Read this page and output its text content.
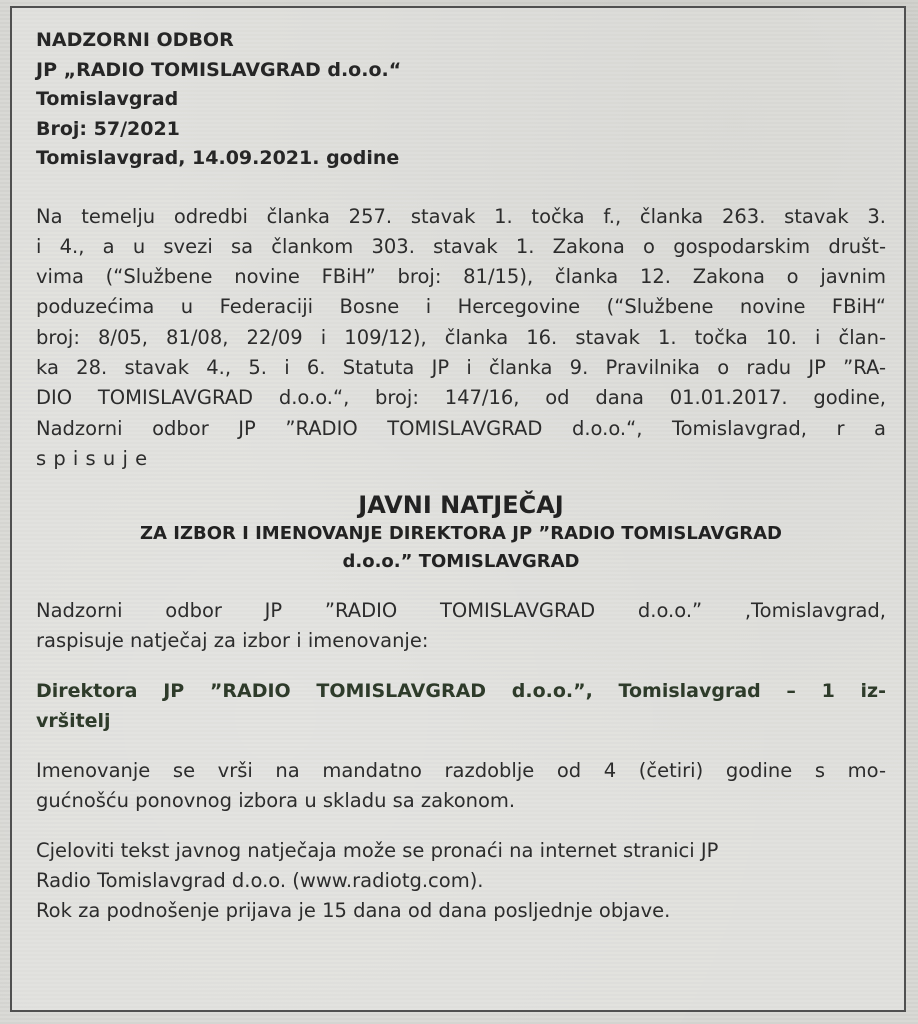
NADZORNI ODBOR
JP „RADIO TOMISLAVGRAD d.o.o.“
Tomislavgrad
Broj: 57/2021
Tomislavgrad, 14.09.2021. godine
Na temelju odredbi članka 257. stavak 1. točka f., članka 263. stavak 3.
i 4., a u svezi sa člankom 303. stavak 1. Zakona o gospodarskim društ-
vima (“Službene novine FBiH” broj: 81/15), članka 12. Zakona o javnim
poduzećima u Federaciji Bosne i Hercegovine (“Službene novine FBiH“
broj: 8/05, 81/08, 22/09 i 109/12), članka 16. stavak 1. točka 10. i član-
ka 28. stavak 4., 5. i 6. Statuta JP i članka 9. Pravilnika o radu JP ”RA-
DIO TOMISLAVGRAD d.o.o.“, broj: 147/16, od dana 01.01.2017. godine,
Nadzorni odbor JP ”RADIO TOMISLAVGRAD d.o.o.“, Tomislavgrad, r a
s p i s u j e
JAVNI NATJEČAJ
ZA IZBOR I IMENOVANJE DIREKTORA JP ”RADIO TOMISLAVGRAD
d.o.o.” TOMISLAVGRAD
Nadzorni odbor JP ”RADIO TOMISLAVGRAD d.o.o.” ,Tomislavgrad,
raspisuje natječaj za izbor i imenovanje:
Direktora JP ”RADIO TOMISLAVGRAD d.o.o.”, Tomislavgrad – 1 iz-
vršitelj
Imenovanje se vrši na mandatno razdoblje od 4 (četiri) godine s mo-
gućnošću ponovnog izbora u skladu sa zakonom.
Cjeloviti tekst javnog natječaja može se pronaći na internet stranici JP
Radio Tomislavgrad d.o.o. (www.radiotg.com).
Rok za podnošenje prijava je 15 dana od dana posljednje objave.
